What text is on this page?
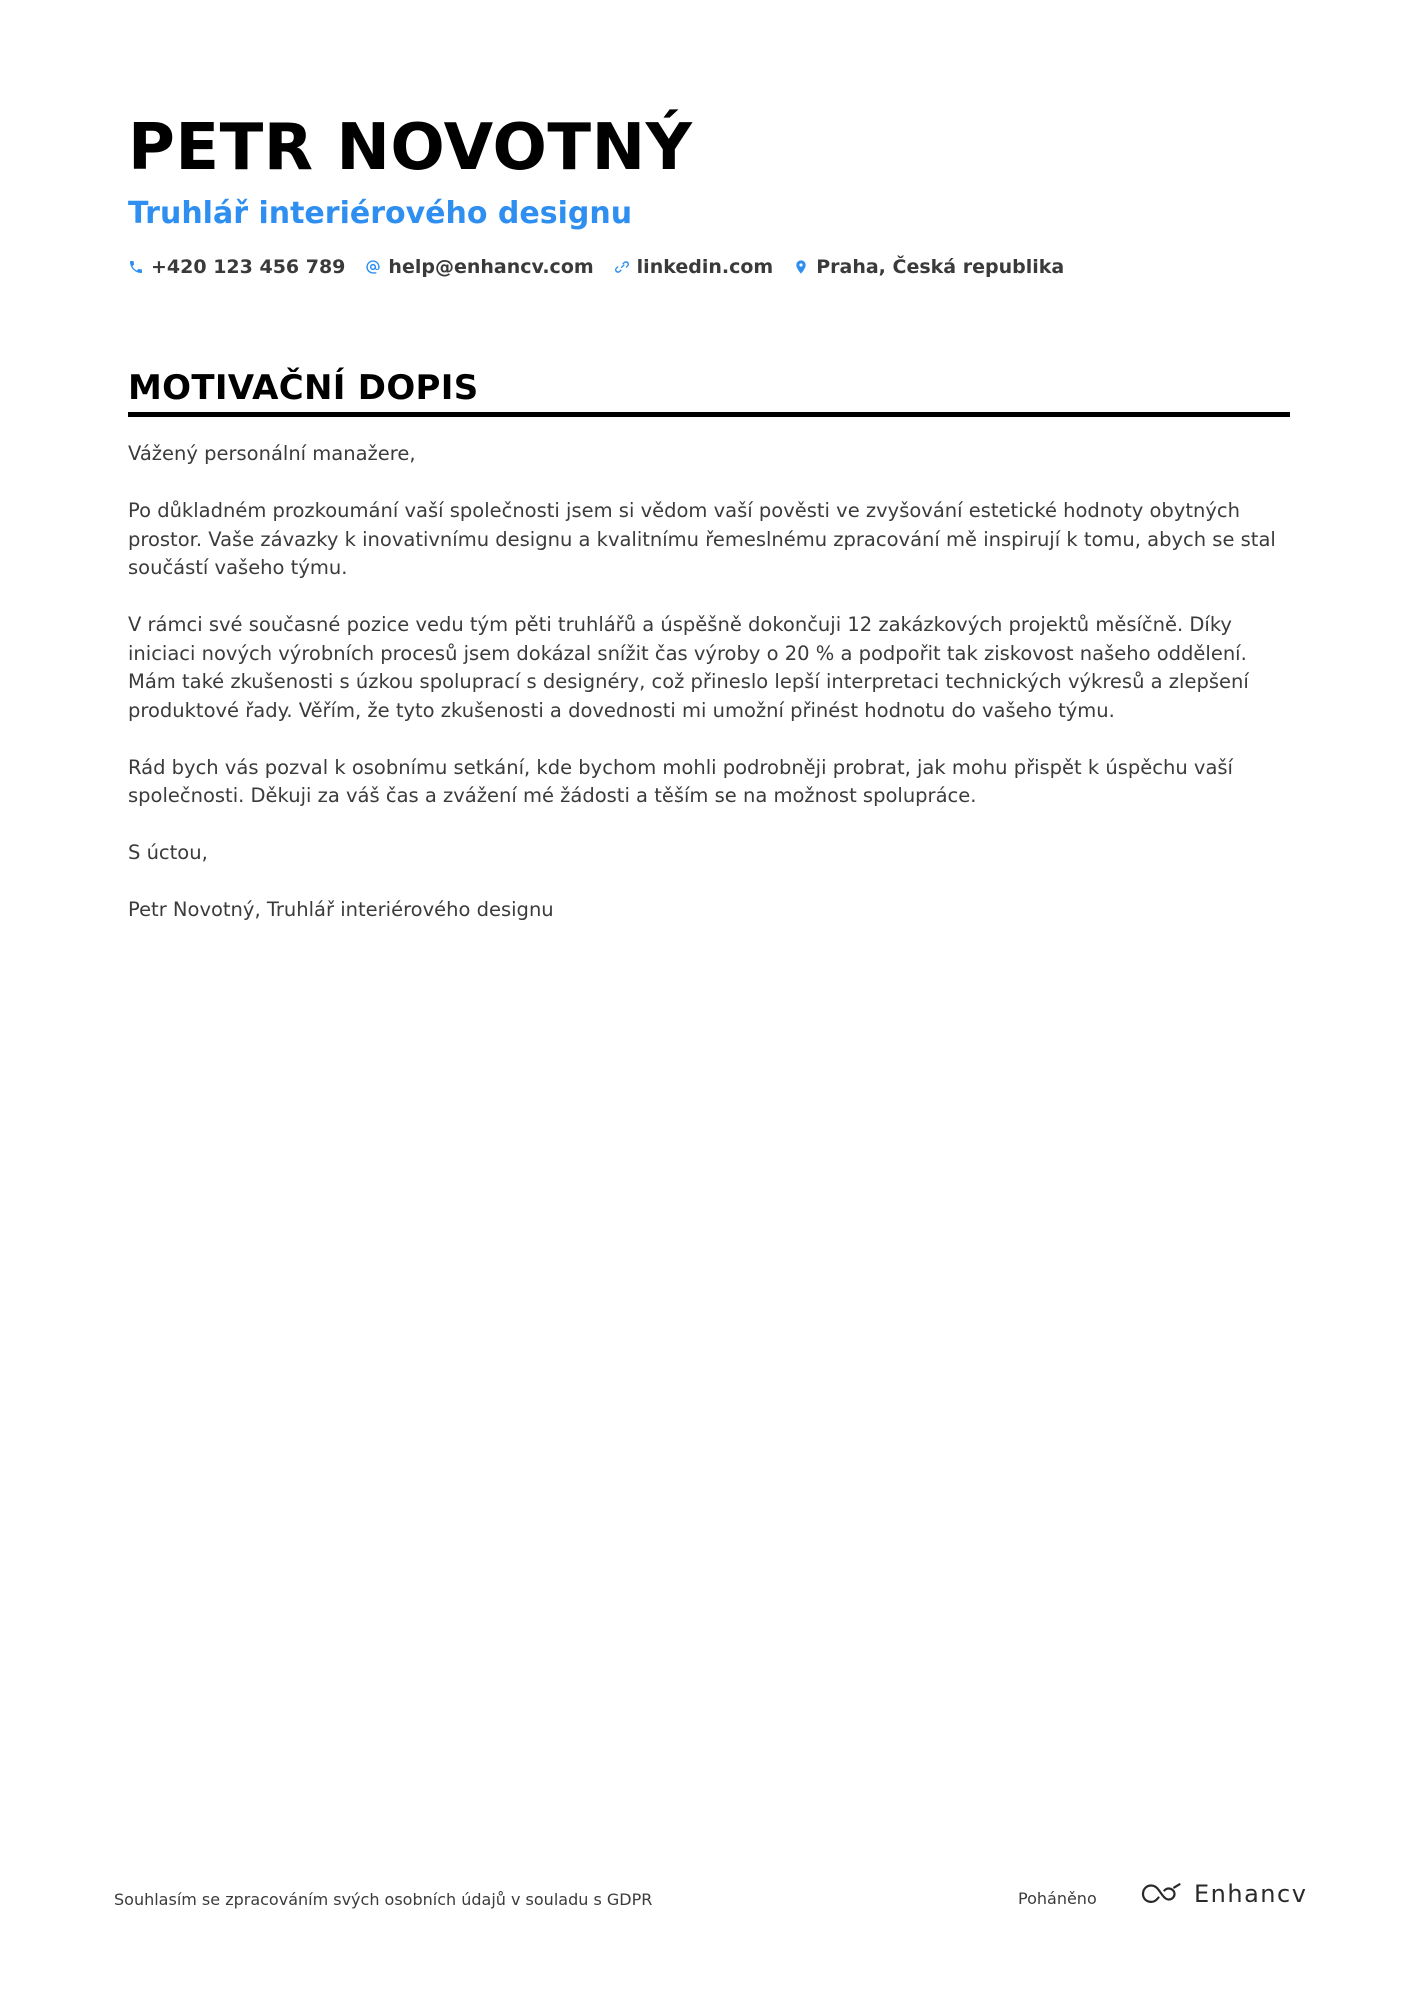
PETR NOVOTNÝ
Truhlář interiérového designu
+420 123 456 789 help@enhancv.com linkedin.com Praha, Česká republika
MOTIVAČNÍ DOPIS

Vážený personální manažere,

Po důkladném prozkoumání vaší společnosti jsem si vědom vaší pověsti ve zvyšování estetické hodnoty obytných prostor. Vaše závazky k inovativnímu designu a kvalitnímu řemeslnému zpracování mě inspirují k tomu, abych se stal součástí vašeho týmu.

V rámci své současné pozice vedu tým pěti truhlářů a úspěšně dokončuji 12 zakázkových projektů měsíčně. Díky iniciaci nových výrobních procesů jsem dokázal snížit čas výroby o 20 % a podpořit tak ziskovost našeho oddělení. Mám také zkušenosti s úzkou spoluprací s designéry, což přineslo lepší interpretaci technických výkresů a zlepšení produktové řady. Věřím, že tyto zkušenosti a dovednosti mi umožní přinést hodnotu do vašeho týmu.

Rád bych vás pozval k osobnímu setkání, kde bychom mohli podrobněji probrat, jak mohu přispět k úspěchu vaší společnosti. Děkuji za váš čas a zvážení mé žádosti a těším se na možnost spolupráce.

S úctou,

Petr Novotný, Truhlář interiérového designu

Souhlasím se zpracováním svých osobních údajů v souladu s GDPR	Poháněno	Enhancv
